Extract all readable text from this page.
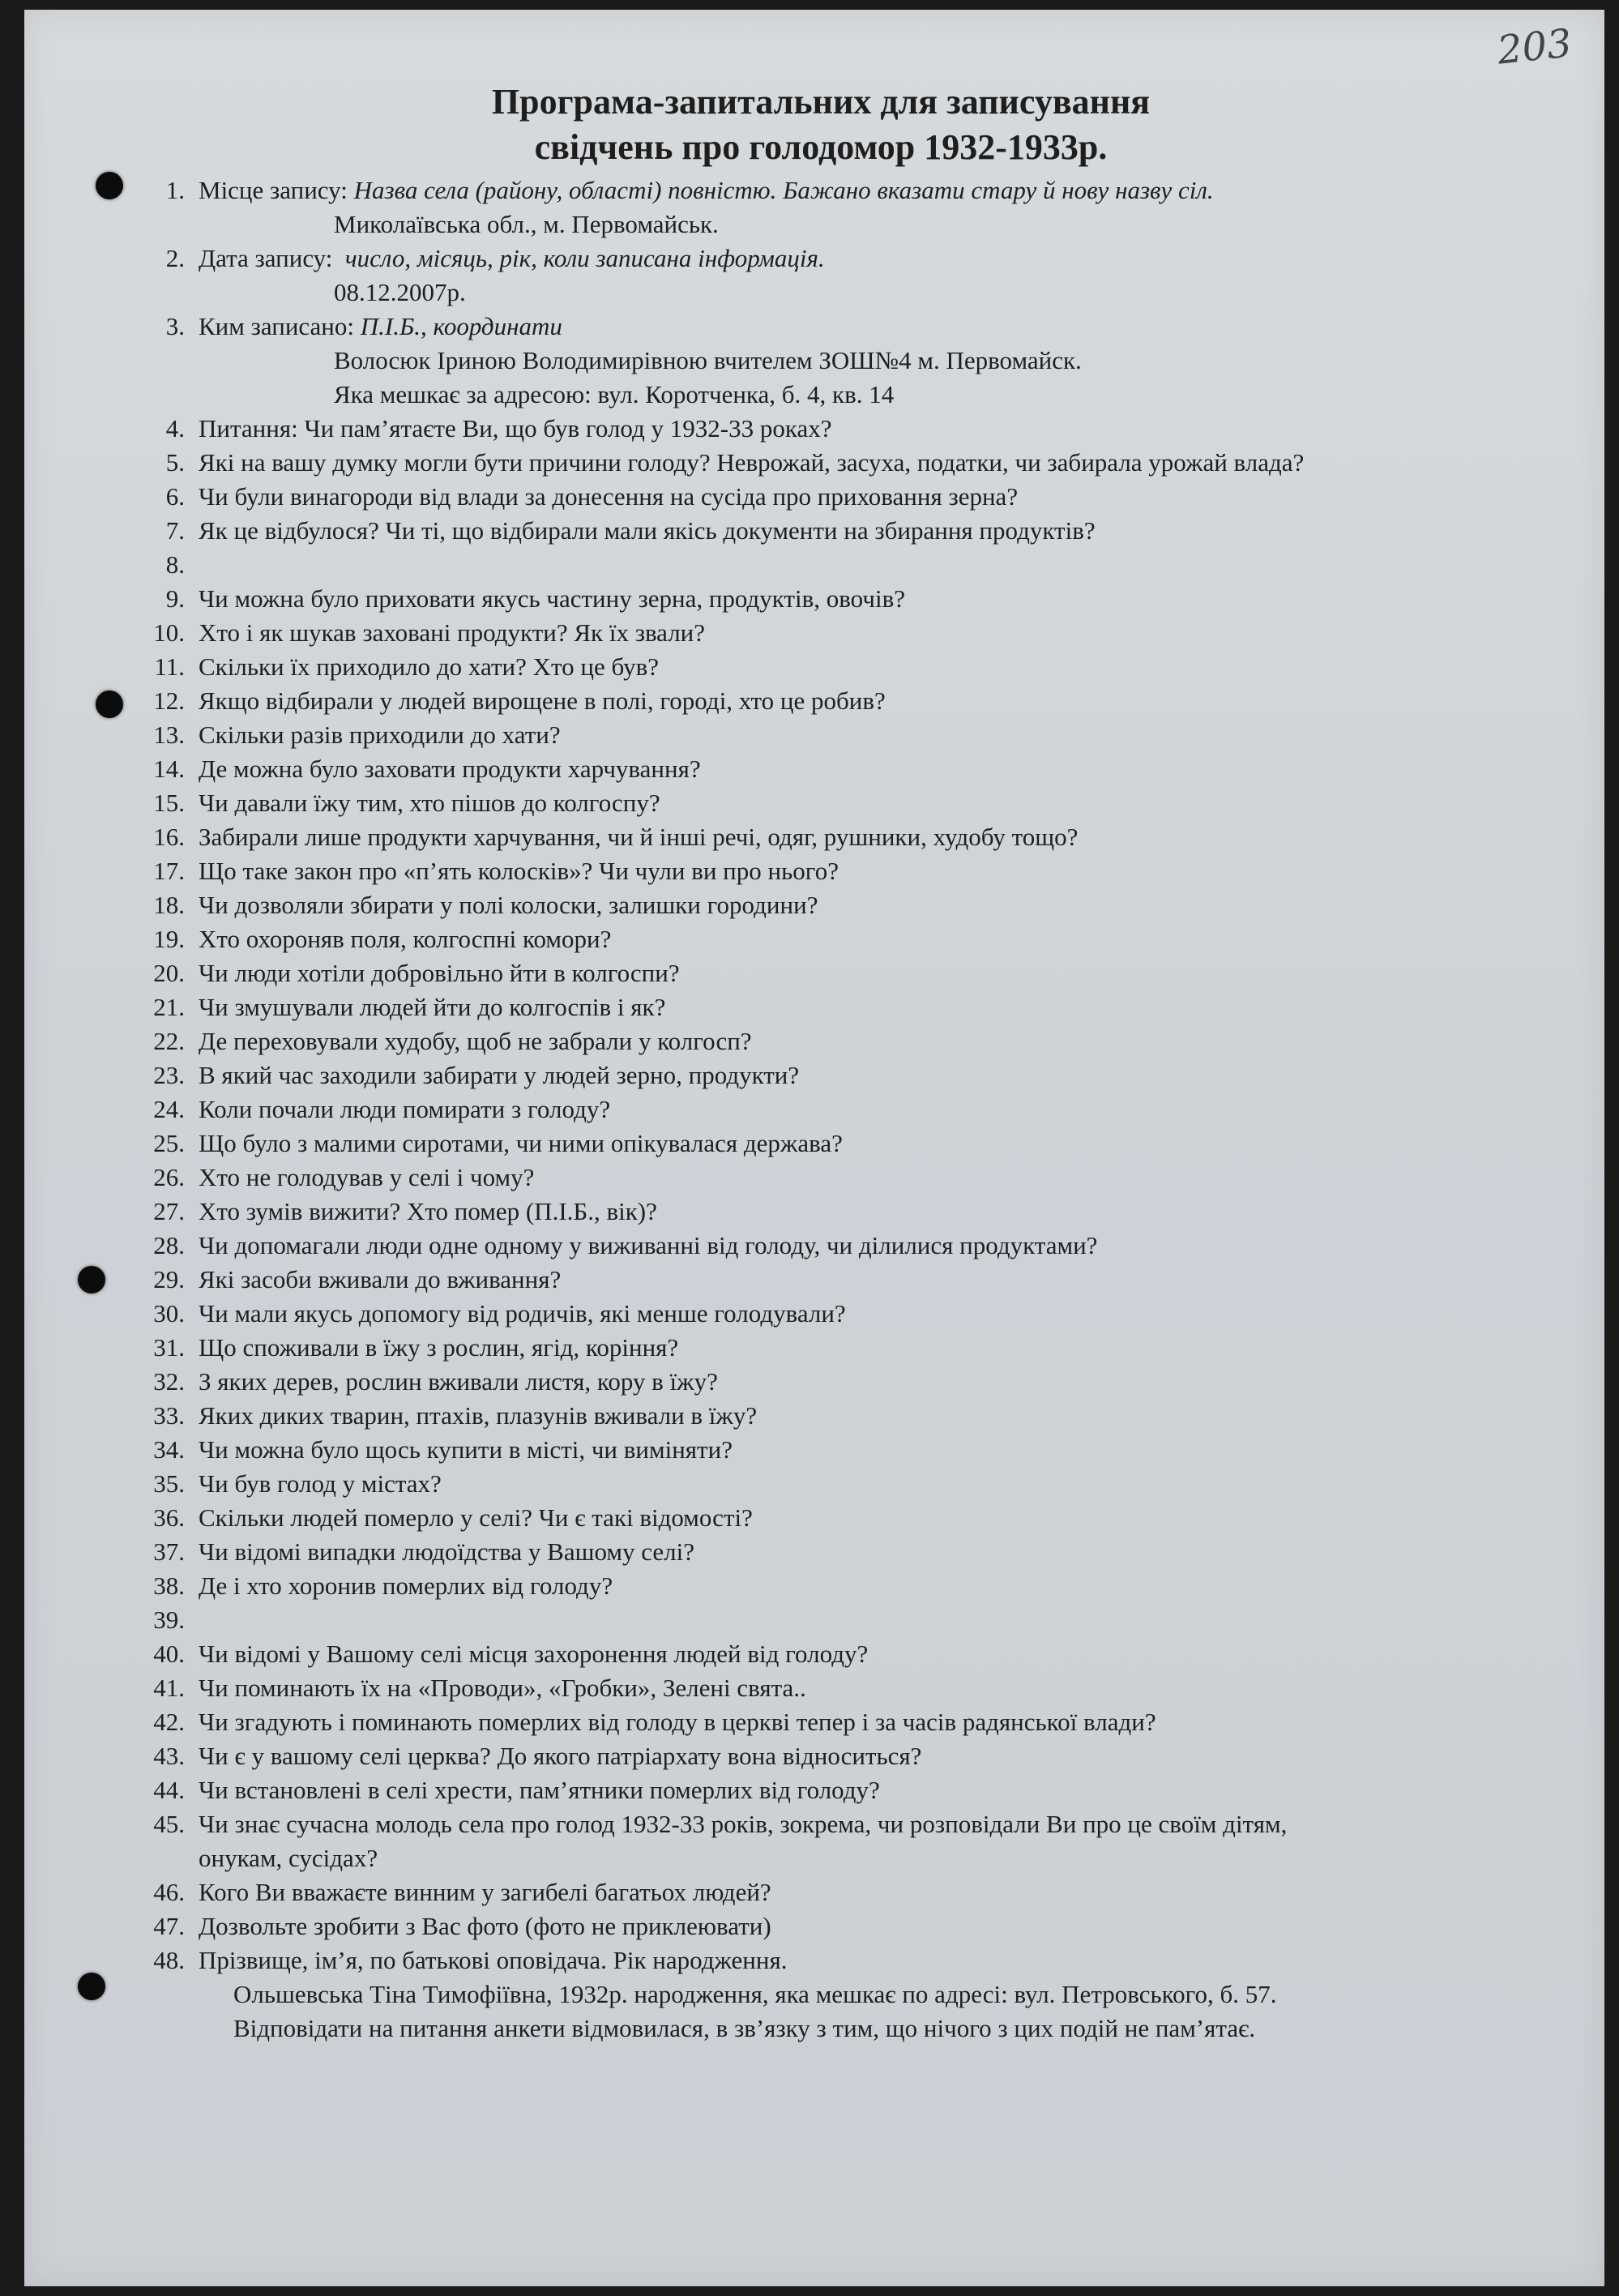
203
Програма-запитальних для записування
свідчень про голодомор 1932-1933р.
1. Місце запису: Назва села (району, області) повністю. Бажано вказати стару й нову назву сіл.
Миколаївська обл., м. Первомайськ.
2. Дата запису: число, місяць, рік, коли записана інформація.
08.12.2007р.
3. Ким записано: П.І.Б., координати
Волосюк Іриною Володимирівною вчителем ЗОШ№4 м. Первомайск.
Яка мешкає за адресою: вул. Коротченка, б. 4, кв. 14
4. Питання: Чи пам’ятаєте Ви, що був голод у 1932-33 роках?
5. Які на вашу думку могли бути причини голоду? Неврожай, засуха, податки, чи забирала урожай влада?
6. Чи були винагороди від влади за донесення на сусіда про приховання зерна?
7. Як це відбулося? Чи ті, що відбирали мали якісь документи на збирання продуктів?
8.
9. Чи можна було приховати якусь частину зерна, продуктів, овочів?
10. Хто і як шукав заховані продукти? Як їх звали?
11. Скільки їх приходило до хати? Хто це був?
12. Якщо відбирали у людей вирощене в полі, городі, хто це робив?
13. Скільки разів приходили до хати?
14. Де можна було заховати продукти харчування?
15. Чи давали їжу тим, хто пішов до колгоспу?
16. Забирали лише продукти харчування, чи й інші речі, одяг, рушники, худобу тощо?
17. Що таке закон про «п’ять колосків»? Чи чули ви про нього?
18. Чи дозволяли збирати у полі колоски, залишки городини?
19. Хто охороняв поля, колгоспні комори?
20. Чи люди хотіли добровільно йти в колгоспи?
21. Чи змушували людей йти до колгоспів і як?
22. Де переховували худобу, щоб не забрали у колгосп?
23. В який час заходили забирати у людей зерно, продукти?
24. Коли почали люди помирати з голоду?
25. Що було з малими сиротами, чи ними опікувалася держава?
26. Хто не голодував у селі і чому?
27. Хто зумів вижити? Хто помер (П.І.Б., вік)?
28. Чи допомагали люди одне одному у виживанні від голоду, чи ділилися продуктами?
29. Які засоби вживали до вживання?
30. Чи мали якусь допомогу від родичів, які менше голодували?
31. Що споживали в їжу з рослин, ягід, коріння?
32. З яких дерев, рослин вживали листя, кору в їжу?
33. Яких диких тварин, птахів, плазунів вживали в їжу?
34. Чи можна було щось купити в місті, чи виміняти?
35. Чи був голод у містах?
36. Скільки людей померло у селі? Чи є такі відомості?
37. Чи відомі випадки людоїдства у Вашому селі?
38. Де і хто хоронив померлих від голоду?
39.
40. Чи відомі у Вашому селі місця захоронення людей від голоду?
41. Чи поминають їх на «Проводи», «Гробки», Зелені свята..
42. Чи згадують і поминають померлих від голоду в церкві тепер і за часів радянської влади?
43. Чи є у вашому селі церква? До якого патріархату вона відноситься?
44. Чи встановлені в селі хрести, пам’ятники померлих від голоду?
45. Чи знає сучасна молодь села про голод 1932-33 років, зокрема, чи розповідали Ви про це своїм дітям,
онукам, сусідах?
46. Кого Ви вважаєте винним у загибелі багатьох людей?
47. Дозвольте зробити з Вас фото (фото не приклеювати)
48. Прізвище, ім’я, по батькові оповідача. Рік народження.
Ольшевська Тіна Тимофіївна, 1932р. народження, яка мешкає по адресі: вул. Петровського, б. 57.
Відповідати на питання анкети відмовилася, в зв’язку з тим, що нічого з цих подій не пам’ятає.
